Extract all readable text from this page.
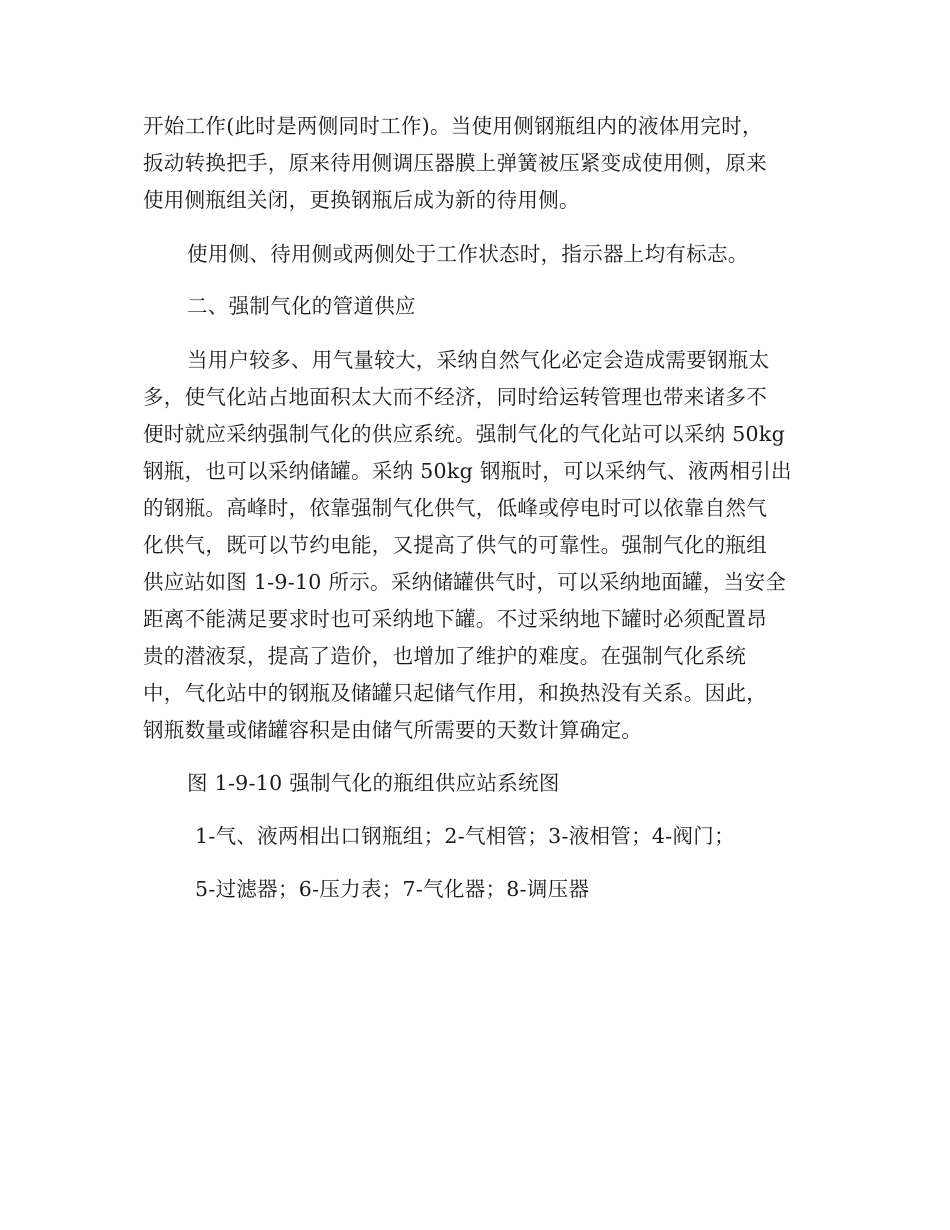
开始工作(此时是两侧同时工作)。当使用侧钢瓶组内的液体用完时，
扳动转换把手，原来待用侧调压器膜上弹簧被压紧变成使用侧，原来
使用侧瓶组关闭，更换钢瓶后成为新的待用侧。
使用侧、待用侧或两侧处于工作状态时，指示器上均有标志。
二、强制气化的管道供应
当用户较多、用气量较大，采纳自然气化必定会造成需要钢瓶太
多，使气化站占地面积太大而不经济，同时给运转管理也带来诸多不
便时就应采纳强制气化的供应系统。强制气化的气化站可以采纳 50kg
钢瓶，也可以采纳储罐。采纳 50kg 钢瓶时，可以采纳气、液两相引出
的钢瓶。高峰时，依靠强制气化供气，低峰或停电时可以依靠自然气
化供气，既可以节约电能，又提高了供气的可靠性。强制气化的瓶组
供应站如图 1-9-10 所示。采纳储罐供气时，可以采纳地面罐，当安全
距离不能满足要求时也可采纳地下罐。不过采纳地下罐时必须配置昂
贵的潜液泵，提高了造价，也增加了维护的难度。在强制气化系统
中，气化站中的钢瓶及储罐只起储气作用，和换热没有关系。因此，
钢瓶数量或储罐容积是由储气所需要的天数计算确定。
图 1-9-10 强制气化的瓶组供应站系统图
1-气、液两相出口钢瓶组；2-气相管；3-液相管；4-阀门；
5-过滤器；6-压力表；7-气化器；8-调压器
